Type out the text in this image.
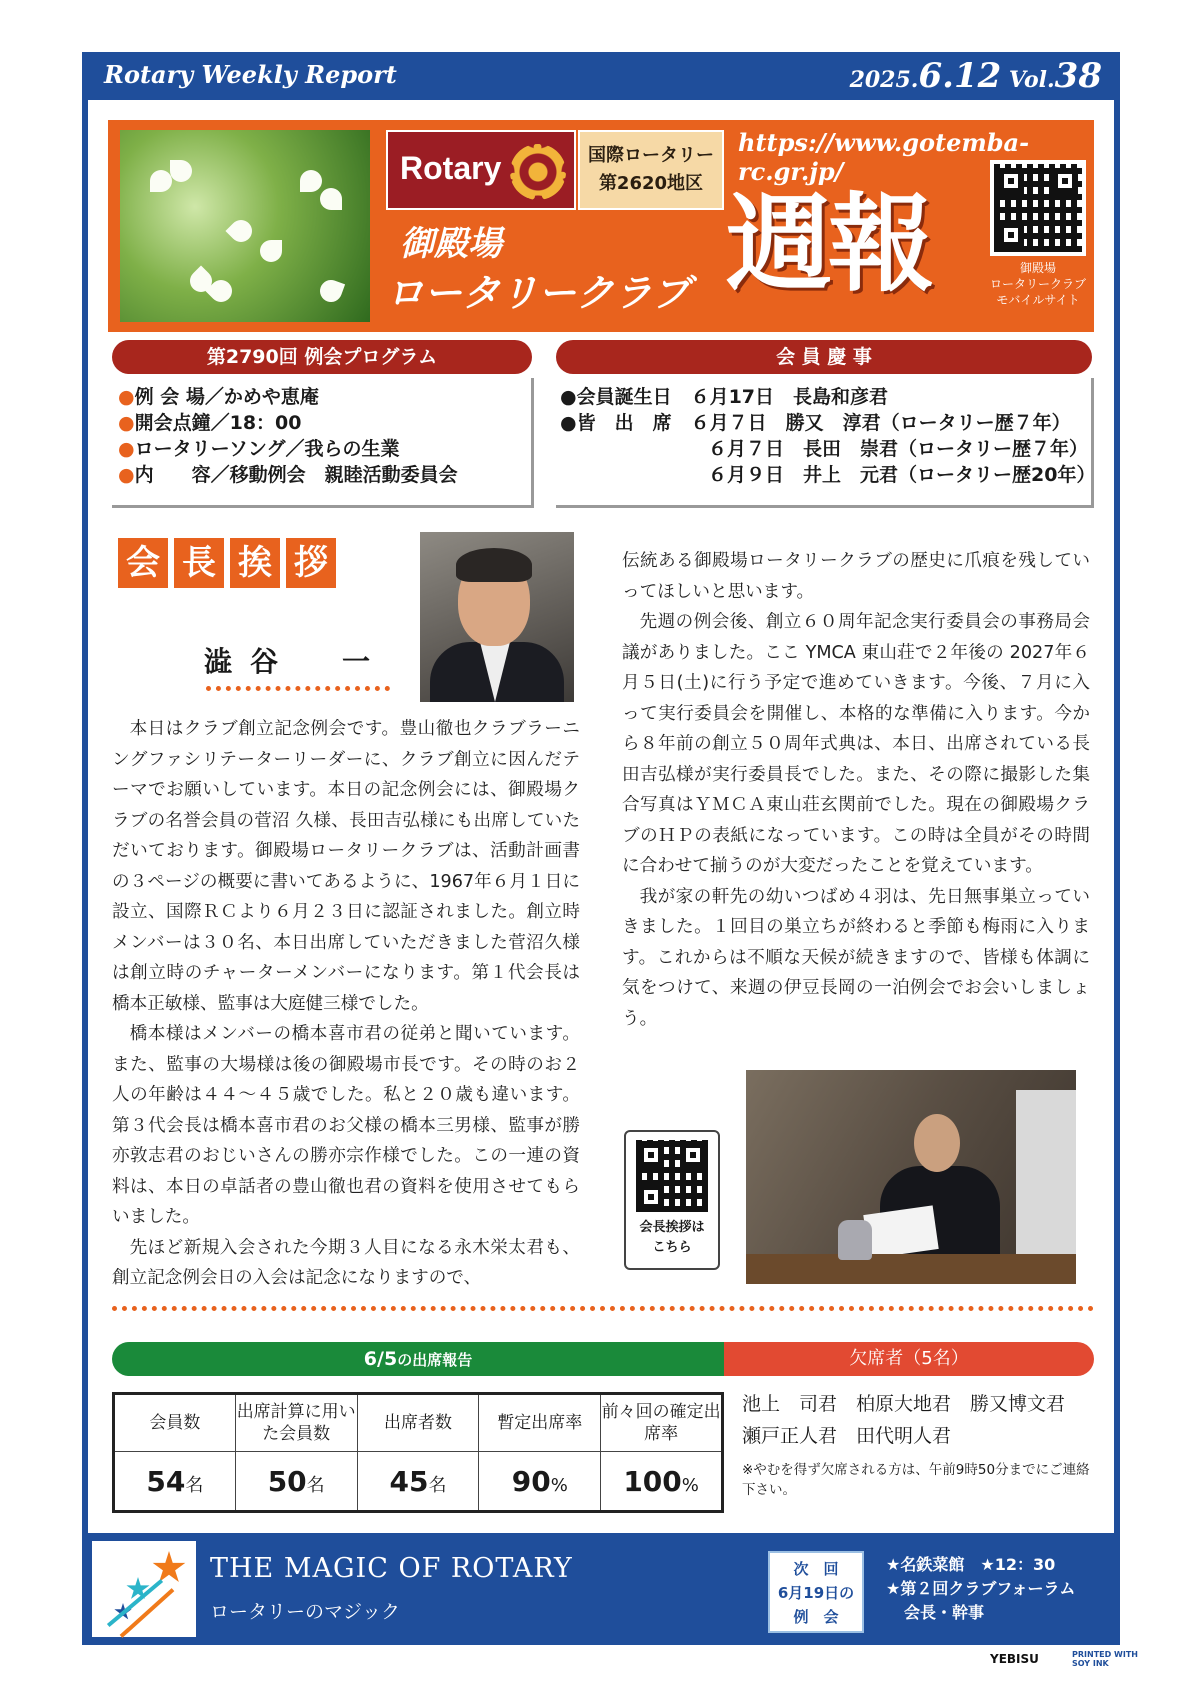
Rotary Weekly Report	2025.6.12 Vol.38
Rotary	国際ロータリー
第2620地区
https://www.gotemba-rc.gr.jp/
御殿場
ロータリークラブ 週報	御殿場
ロータリークラブ
モバイルサイト
第2790回 例会プログラム
●例 会 場／かめや恵庵
●開会点鐘／18：00
●ロータリーソング／我らの生業
●内　　容／移動例会　親睦活動委員会
会 員 慶 事
●会員誕生日　６月17日　長島和彦君
●皆　出　席　６月７日　勝又　淳君（ロータリー歴７年）
６月７日　長田　崇君（ロータリー歴７年）
６月９日　井上　元君（ロータリー歴20年）
会 長 挨 拶
澁谷　一

本日はクラブ創立記念例会です。豊山徹也クラブラーニングファシリテーターリーダーに、クラブ創立に因んだテーマでお願いしています。本日の記念例会には、御殿場クラブの名誉会員の菅沼 久様、長田吉弘様にも出席していただいております。御殿場ロータリークラブは、活動計画書の３ページの概要に書いてあるように、1967年６月１日に設立、国際ＲＣより６月２３日に認証されました。創立時メンバーは３０名、本日出席していただきました菅沼久様は創立時のチャーターメンバーになります。第１代会長は橋本正敏様、監事は大庭健三様でした。

橋本様はメンバーの橋本喜市君の従弟と聞いています。また、監事の大場様は後の御殿場市長です。その時のお２人の年齢は４４～４５歳でした。私と２０歳も違います。第３代会長は橋本喜市君のお父様の橋本三男様、監事が勝亦敦志君のおじいさんの勝亦宗作様でした。この一連の資料は、本日の卓話者の豊山徹也君の資料を使用させてもらいました。

先ほど新規入会された今期３人目になる永木栄太君も、創立記念例会日の入会は記念になりますので、

伝統ある御殿場ロータリークラブの歴史に爪痕を残していってほしいと思います。

先週の例会後、創立６０周年記念実行委員会の事務局会議がありました。ここ YMCA 東山荘で２年後の 2027年６月５日(土)に行う予定で進めていきます。今後、７月に入って実行委員会を開催し、本格的な準備に入ります。今から８年前の創立５０周年式典は、本日、出席されている長田吉弘様が実行委員長でした。また、その際に撮影した集合写真はＹＭＣＡ東山荘玄関前でした。現在の御殿場クラブのＨＰの表紙になっています。この時は全員がその時間に合わせて揃うのが大変だったことを覚えています。

我が家の軒先の幼いつばめ４羽は、先日無事巣立っていきました。１回目の巣立ちが終わると季節も梅雨に入ります。これからは不順な天候が続きますので、皆様も体調に気をつけて、来週の伊豆長岡の一泊例会でお会いしましょう。

会長挨拶は
こちら
6/5の出席報告	欠席者（5名）
会員数	出席計算に用いた会員数	出席者数	暫定出席率	前々回の確定出席率
54名	50名	45名	90%	100%
池上　司君　柏原大地君　勝又博文君
瀬戸正人君　田代明人君
※やむを得ず欠席される方は、午前9時50分までにご連絡下さい。
THE MAGIC OF ROTARY
ロータリーのマジック
次　回
6月19日の
例　会
★名鉄菜館　★12：30
★第２回クラブフォーラム
会長・幹事
YEBISU	PRINTED WITH
SOY INK
